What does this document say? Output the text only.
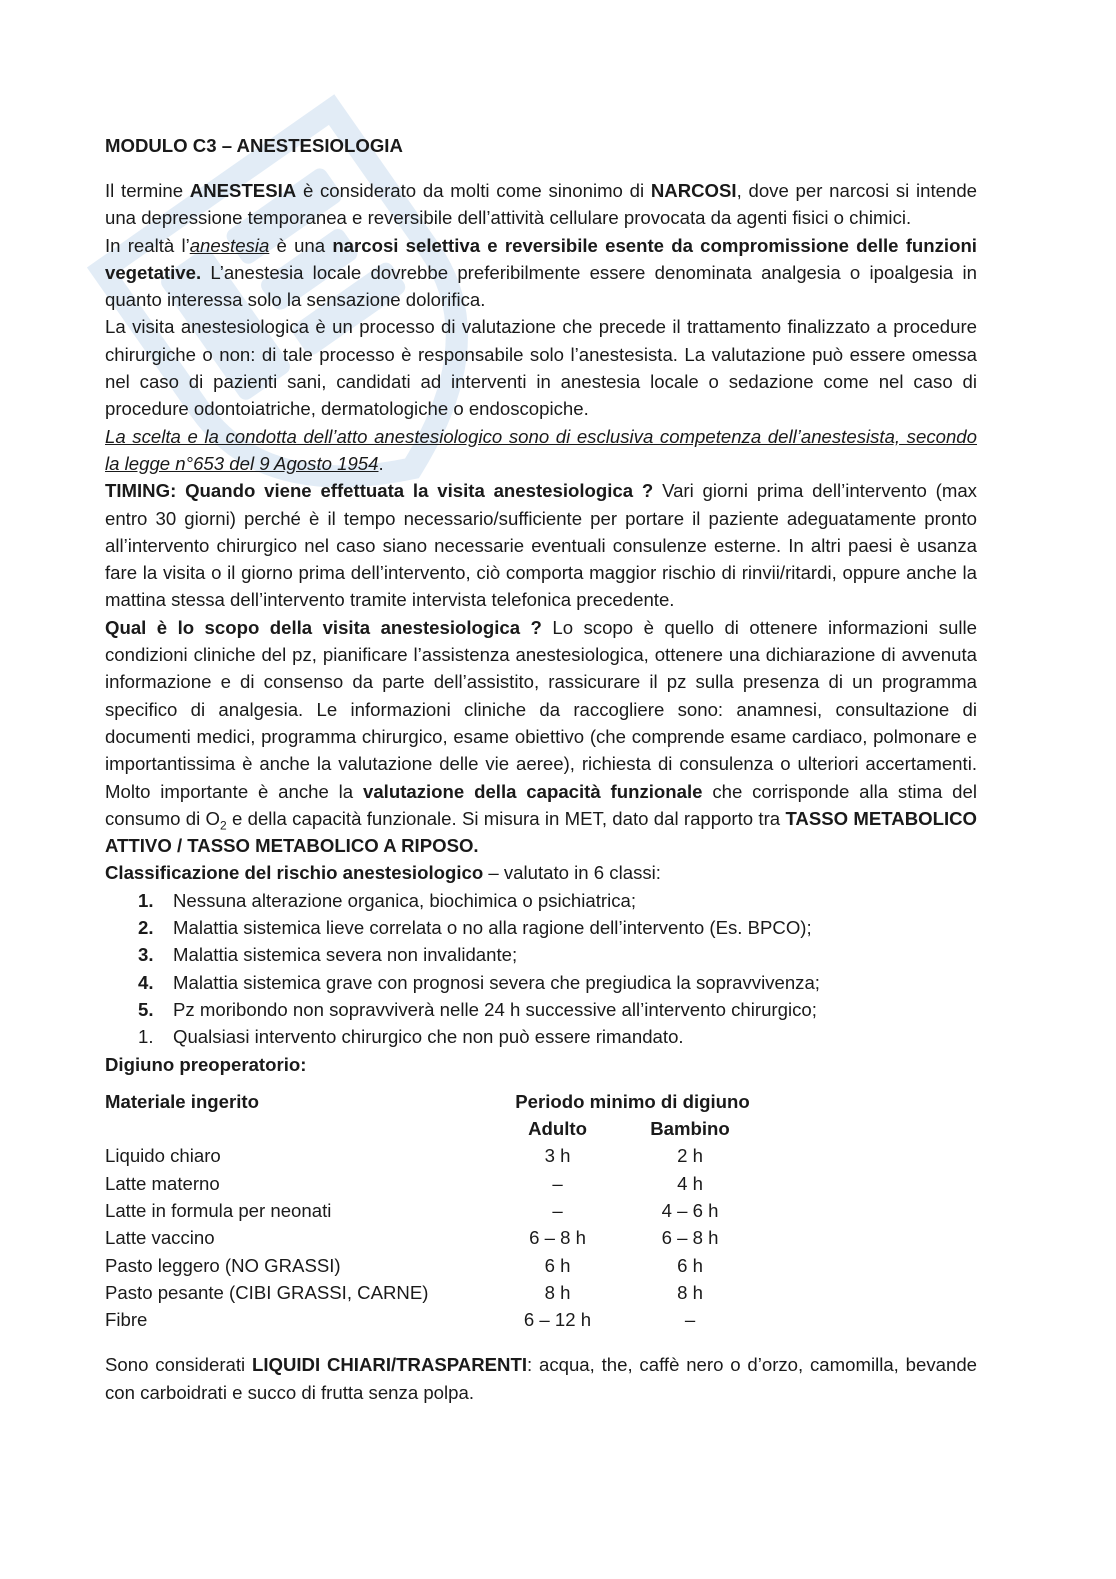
MODULO C3 – ANESTESIOLOGIA

Il termine ANESTESIA è considerato da molti come sinonimo di NARCOSI, dove per narcosi si intende una depressione temporanea e reversibile dell’attività cellulare provocata da agenti fisici o chimici.

In realtà l’anestesia è una narcosi selettiva e reversibile esente da compromissione delle funzioni vegetative. L’anestesia locale dovrebbe preferibilmente essere denominata analgesia o ipoalgesia in quanto interessa solo la sensazione dolorifica.

La visita anestesiologica è un processo di valutazione che precede il trattamento finalizzato a procedure chirurgiche o non: di tale processo è responsabile solo l’anestesista. La valutazione può essere omessa nel caso di pazienti sani, candidati ad interventi in anestesia locale o sedazione come nel caso di procedure odontoiatriche, dermatologiche o endoscopiche.

La scelta e la condotta dell’atto anestesiologico sono di esclusiva competenza dell’anestesista, secondo la legge n°653 del 9 Agosto 1954.

TIMING: Quando viene effettuata la visita anestesiologica ? Vari giorni prima dell’intervento (max entro 30 giorni) perché è il tempo necessario/sufficiente per portare il paziente adeguatamente pronto all’intervento chirurgico nel caso siano necessarie eventuali consulenze esterne. In altri paesi è usanza fare la visita o il giorno prima dell’intervento, ciò comporta maggior rischio di rinvii/ritardi, oppure anche la mattina stessa dell’intervento tramite intervista telefonica precedente.

Qual è lo scopo della visita anestesiologica ? Lo scopo è quello di ottenere informazioni sulle condizioni cliniche del pz, pianificare l’assistenza anestesiologica, ottenere una dichiarazione di avvenuta informazione e di consenso da parte dell’assistito, rassicurare il pz sulla presenza di un programma specifico di analgesia. Le informazioni cliniche da raccogliere sono: anamnesi, consultazione di documenti medici, programma chirurgico, esame obiettivo (che comprende esame cardiaco, polmonare e importantissima è anche la valutazione delle vie aeree), richiesta di consulenza o ulteriori accertamenti. Molto importante è anche la valutazione della capacità funzionale che corrisponde alla stima del consumo di $O_2$ e della capacità funzionale. Si misura in MET, dato dal rapporto tra TASSO METABOLICO ATTIVO / TASSO METABOLICO A RIPOSO.

Classificazione del rischio anestesiologico – valutato in 6 classi:

1.	Nessuna alterazione organica, biochimica o psichiatrica;
2.	Malattia sistemica lieve correlata o no alla ragione dell’intervento (Es. BPCO);
3.	Malattia sistemica severa non invalidante;
4.	Malattia sistemica grave con prognosi severa che pregiudica la sopravvivenza;
5.	Pz moribondo non sopravviverà nelle 24 h successive all’intervento chirurgico;
1.	Qualsiasi intervento chirurgico che non può essere rimandato.

Digiuno preoperatorio:

Materiale ingerito	Periodo minimo di digiuno	
	Adulto	Bambino
Liquido chiaro	3 h	2 h
Latte materno	–	4 h
Latte in formula per neonati	–	4 – 6 h
Latte vaccino	6 – 8 h	6 – 8 h
Pasto leggero (NO GRASSI)	6 h	6 h
Pasto pesante (CIBI GRASSI, CARNE)	8 h	8 h
Fibre	6 – 12 h	–

Sono considerati LIQUIDI CHIARI/TRASPARENTI: acqua, the, caffè nero o d’orzo, camomilla, bevande con carboidrati e succo di frutta senza polpa.
